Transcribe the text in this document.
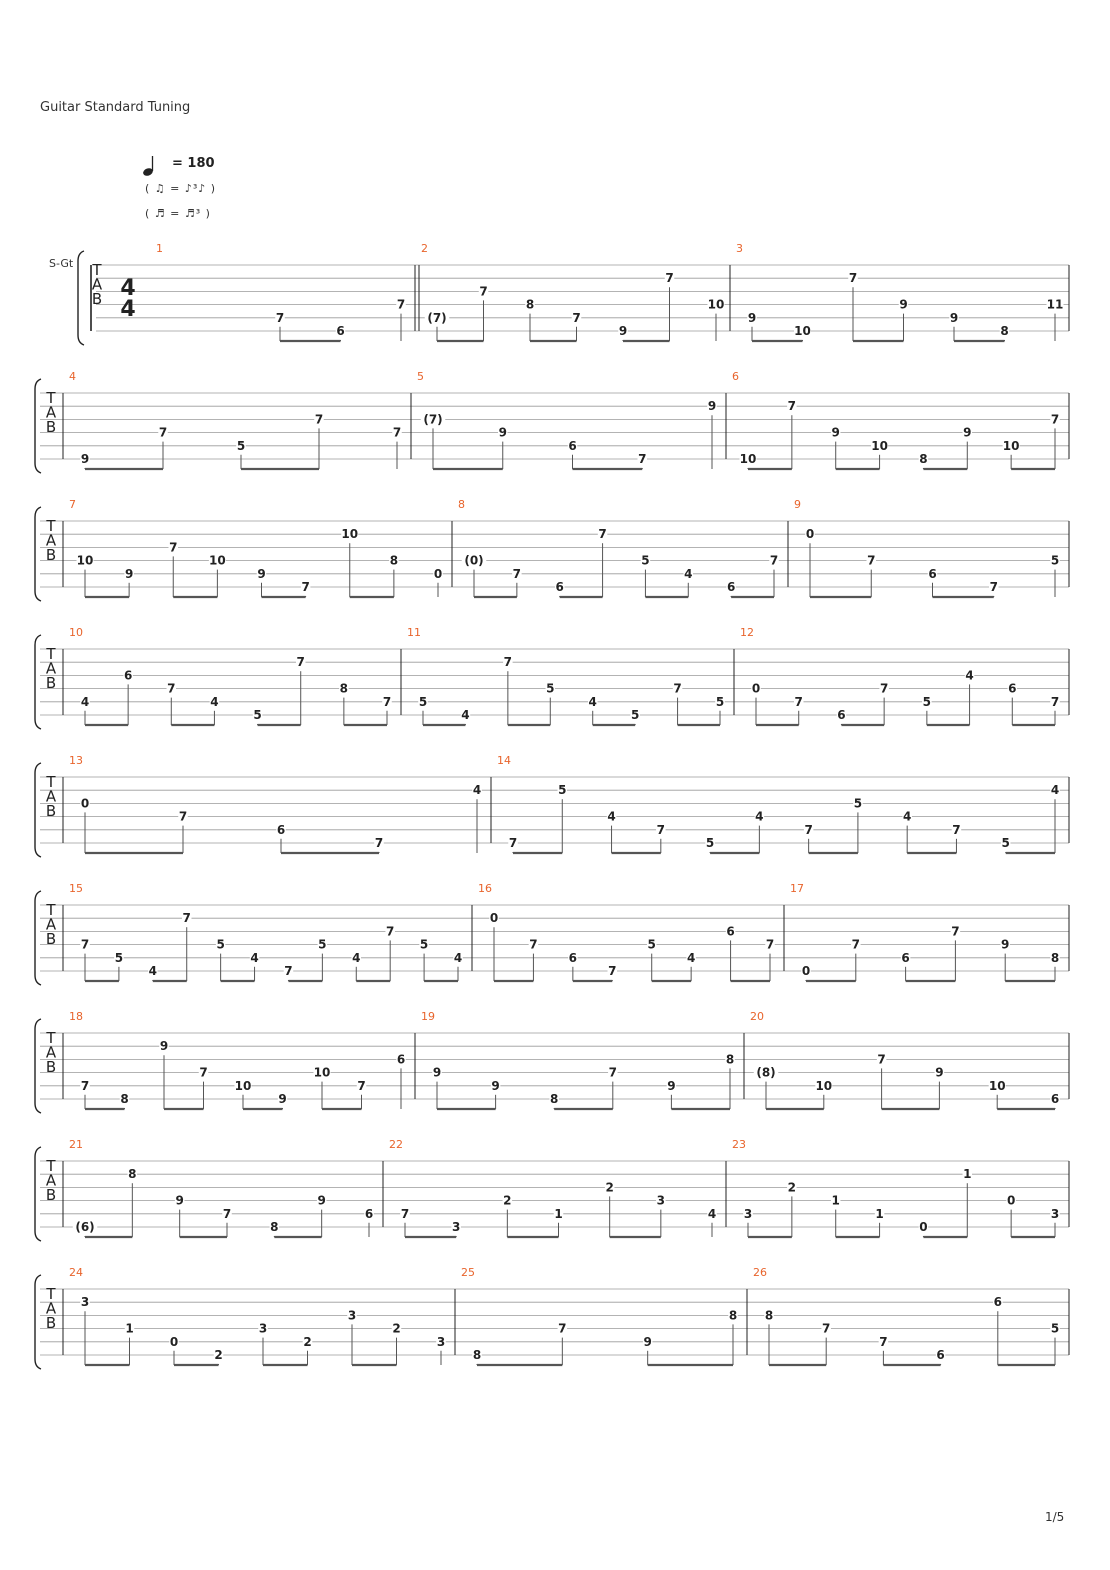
Guitar Standard Tuning
= 180
( ♫ = ♪³♪ )
( ♬ = ♬³ )
S-Gt
1/5
T
A
B 4
4
1
7
6
7
2
(7)
7
8
7
9
7
10
3
9
10
7
9
9
8
11
T
A
B
4
9
7
5
7
7
5
(7)
9
6
7
9
6
10
7
9
10
8
9
10
7
T
A
B
7
10
9
7
10
9
7
10
8
0
8
(0)
7
6
7
5
4
6
7
9
0
7
6
7
5
T
A
B
10
4
6
7
4
5
7
8
7
11
5
4
7
5
4
5
7
5
12
0
7
6
7
5
4
6
7
T
A
B
13
0
7
6
7
4
14
7
5
4
7
5
4
7
5
4
7
5
4
T
A
B
15
7
5
4
7
5
4
7
5
4
7
5
4
16
0
7
6
7
5
4
6
7
17
0
7
6
7
9
8
T
A
B
18
7
8
9
7
10
9
10
7
6
19
9
9
8
7
9
8
20
(8)
10
7
9
10
6
T
A
B
21
(6)
8
9
7
8
9
6
22
7
3
2
1
2
3
4
23
3
2
1
1
0
1
0
3
T
A
B
24
3
1
0
2
3
2
3
2
3
25
8
7
9
8
26
8
7
7
6
6
5
